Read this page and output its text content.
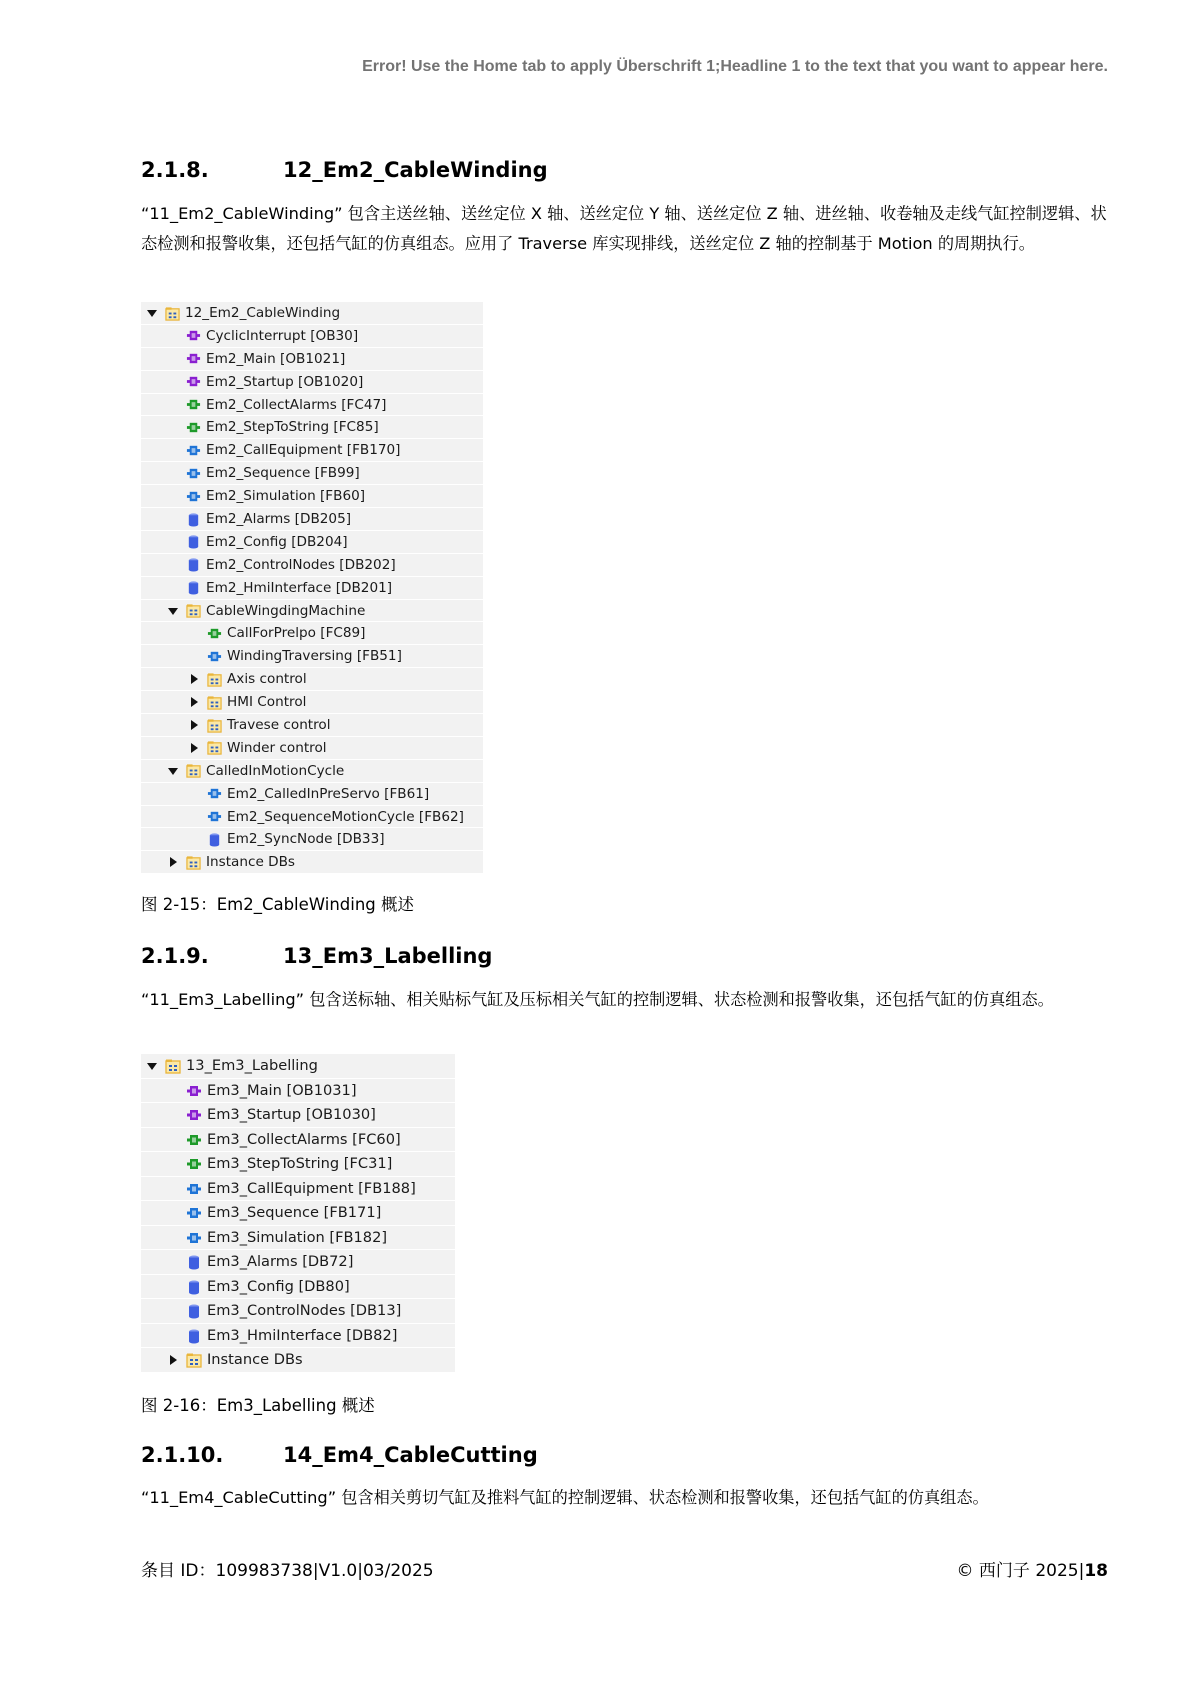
Error! Use the Home tab to apply Überschrift 1;Headline 1 to the text that you want to appear here.
2.1.8.	12_Em2_CableWinding

“11_Em2_CableWinding” 包含主送丝轴、送丝定位 X 轴、送丝定位 Y 轴、送丝定位 Z 轴、进丝轴、收卷轴及走线气缸控制逻辑、状态检测和报警收集，还包括气缸的仿真组态。应用了 Traverse 库实现排线，送丝定位 Z 轴的控制基于 Motion 的周期执行。

12_Em2_CableWinding
CyclicInterrupt [OB30]
Em2_Main [OB1021]
Em2_Startup [OB1020]
Em2_CollectAlarms [FC47]
Em2_StepToString [FC85]
Em2_CallEquipment [FB170]
Em2_Sequence [FB99]
Em2_Simulation [FB60]
Em2_Alarms [DB205]
Em2_Config [DB204]
Em2_ControlNodes [DB202]
Em2_HmiInterface [DB201]
CableWingdingMachine
CallForPrelpo [FC89]
WindingTraversing [FB51]
Axis control
HMI Control
Travese control
Winder control
CalledInMotionCycle
Em2_CalledInPreServo [FB61]
Em2_SequenceMotionCycle [FB62]
Em2_SyncNode [DB33]
Instance DBs

图 2-15：Em2_CableWinding 概述

2.1.9.	13_Em3_Labelling

“11_Em3_Labelling” 包含送标轴、相关贴标气缸及压标相关气缸的控制逻辑、状态检测和报警收集，还包括气缸的仿真组态。

13_Em3_Labelling
Em3_Main [OB1031]
Em3_Startup [OB1030]
Em3_CollectAlarms [FC60]
Em3_StepToString [FC31]
Em3_CallEquipment [FB188]
Em3_Sequence [FB171]
Em3_Simulation [FB182]
Em3_Alarms [DB72]
Em3_Config [DB80]
Em3_ControlNodes [DB13]
Em3_HmiInterface [DB82]
Instance DBs

图 2-16：Em3_Labelling 概述

2.1.10.	14_Em4_CableCutting

“11_Em4_CableCutting” 包含相关剪切气缸及推料气缸的控制逻辑、状态检测和报警收集，还包括气缸的仿真组态。

条目 ID：109983738|V1.0|03/2025	© 西门子 2025|18
